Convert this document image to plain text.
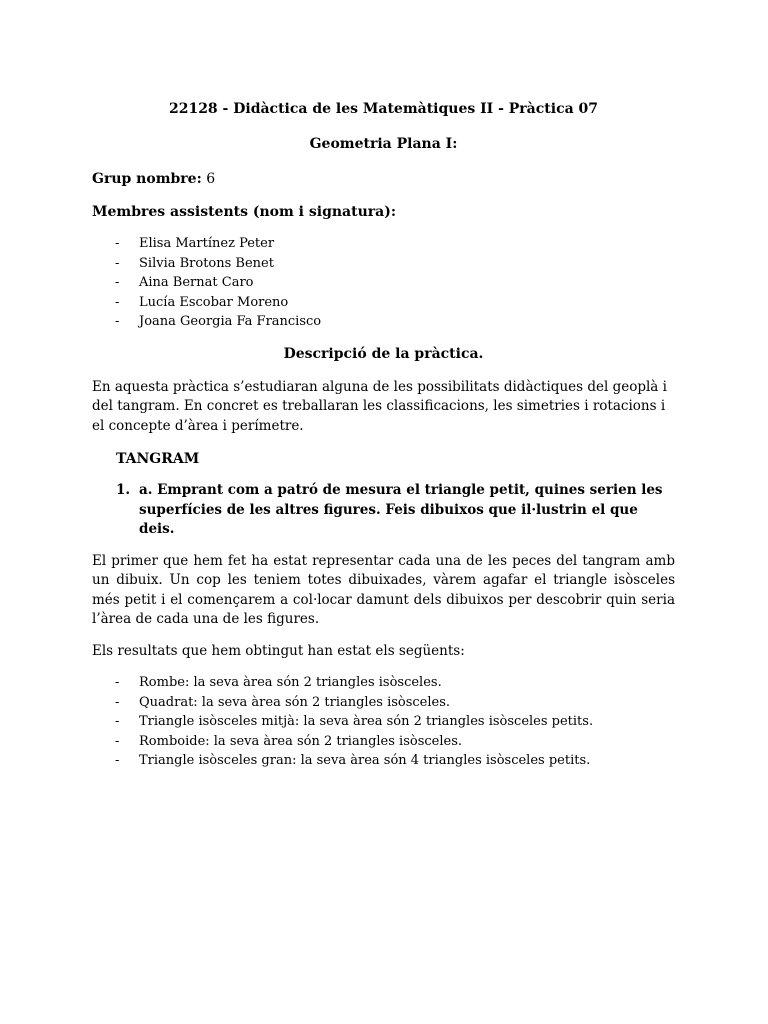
22128 - Didàctica de les Matemàtiques II - Pràctica 07
Geometria Plana I:
Grup nombre: 6
Membres assistents (nom i signatura):
- Elisa Martínez Peter
- Silvia Brotons Benet
- Aina Bernat Caro
- Lucía Escobar Moreno
- Joana Georgia Fa Francisco
Descripció de la pràctica.

En aquesta pràctica s’estudiaran alguna de les possibilitats didàctiques del geoplà i del tangram. En concret es treballaran les classificacions, les simetries i rotacions i el concepte d’àrea i perímetre.

TANGRAM
1. a. Emprant com a patró de mesura el triangle petit, quines serien les superfícies de les altres figures. Feis dibuixos que il·lustrin el que deis.

El primer que hem fet ha estat representar cada una de les peces del tangram amb un dibuix. Un cop les teniem totes dibuixades, vàrem agafar el triangle isòsceles més petit i el començarem a col·locar damunt dels dibuixos per descobrir quin seria l’àrea de cada una de les figures.

Els resultats que hem obtingut han estat els següents:

- Rombe: la seva àrea són 2 triangles isòsceles.
- Quadrat: la seva àrea són 2 triangles isòsceles.
- Triangle isòsceles mitjà: la seva àrea són 2 triangles isòsceles petits.
- Romboide: la seva àrea són 2 triangles isòsceles.
- Triangle isòsceles gran: la seva àrea són 4 triangles isòsceles petits.
